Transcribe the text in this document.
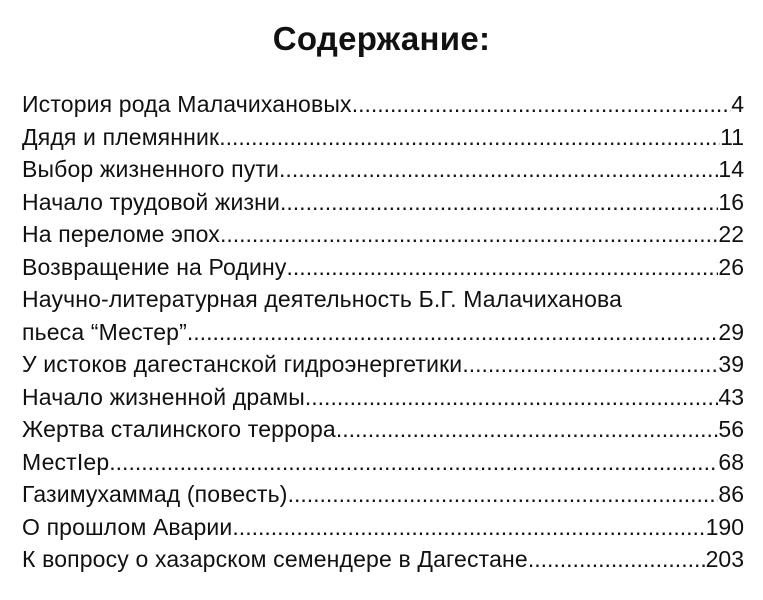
Содержание:
История рода Малачихановых .....	4
Дядя и племянник .....	11
Выбор жизненного пути .....	14
Начало трудовой жизни .....	16
На переломе эпох .....	22
Возвращение на Родину .....	26
Научно-литературная деятельность Б.Г. Малачиханова
пьеса “Местер” .....	29
У истоков дагестанской гидроэнергетики .....	39
Начало жизненной драмы .....	43
Жертва сталинского террора .....	56
МестIер .....	68
Газимухаммад (повесть) .....	86
О прошлом Аварии .....	190
К вопросу о хазарском семендере в Дагестане .....	203
